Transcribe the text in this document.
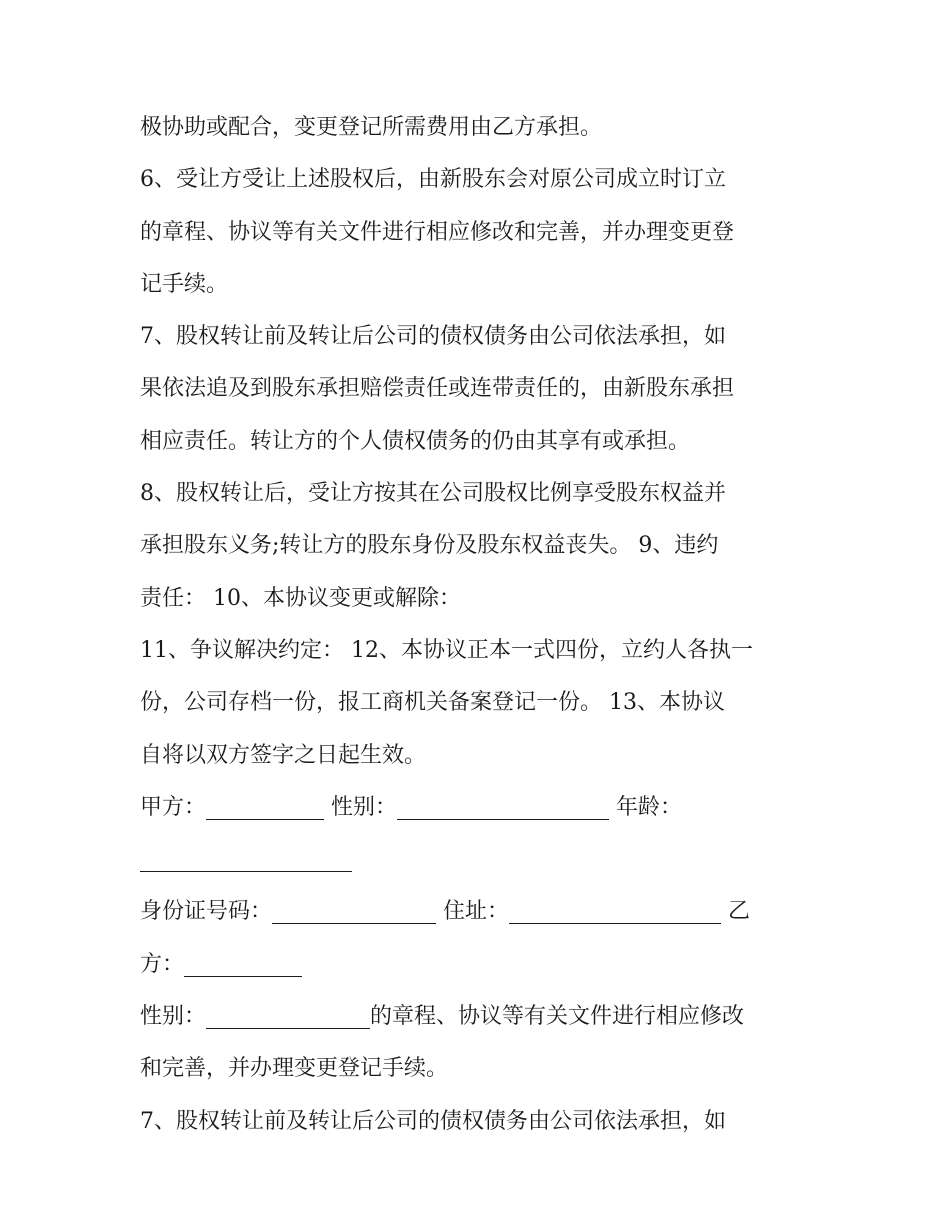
极协助或配合，变更登记所需费用由乙方承担。
6、受让方受让上述股权后，由新股东会对原公司成立时订立
的章程、协议等有关文件进行相应修改和完善，并办理变更登
记手续。
7、股权转让前及转让后公司的债权债务由公司依法承担，如
果依法追及到股东承担赔偿责任或连带责任的，由新股东承担
相应责任。转让方的个人债权债务的仍由其享有或承担。
8、股权转让后，受让方按其在公司股权比例享受股东权益并
承担股东义务;转让方的股东身份及股东权益丧失。 9、违约
责任： 10、本协议变更或解除：
11、争议解决约定： 12、本协议正本一式四份，立约人各执一
份，公司存档一份，报工商机关备案登记一份。 13、本协议
自将以双方签字之日起生效。
甲方：	性别：	年龄：
身份证号码：	住址：	乙
方：
性别：	的章程、协议等有关文件进行相应修改
和完善，并办理变更登记手续。
7、股权转让前及转让后公司的债权债务由公司依法承担，如
